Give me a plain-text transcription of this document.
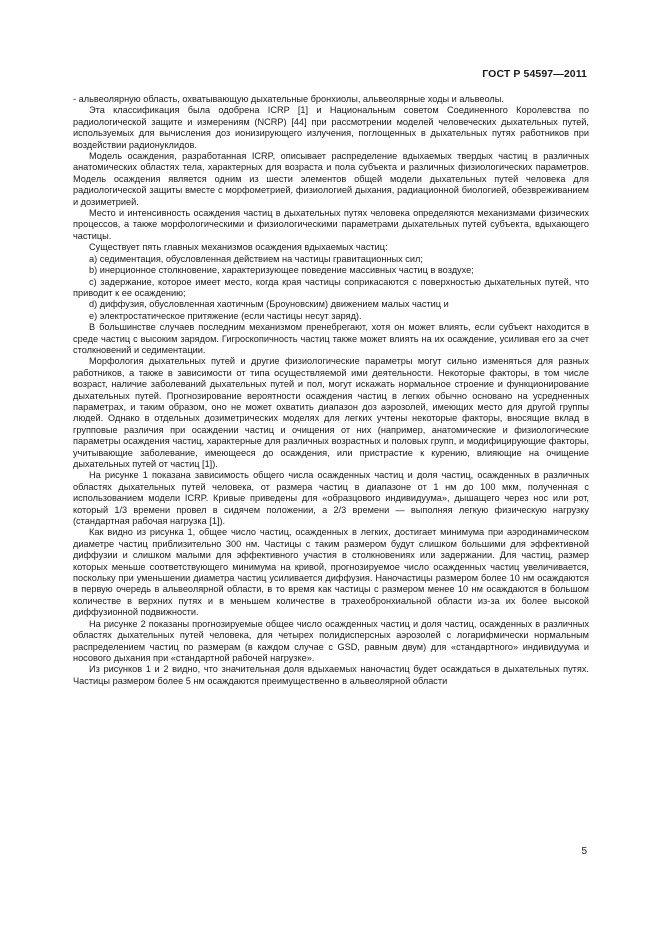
ГОСТ Р 54597—2011

- альвеолярную область, охватывающую дыхательные бронхиолы, альвеолярные ходы и альвеолы.

Эта классификация была одобрена ICRP [1] и Национальным советом Соединенного Королевства по радиологической защите и измерениям (NCRP) [44] при рассмотрении моделей человеческих дыхательных путей, используемых для вычисления доз ионизирующего излучения, поглощенных в дыхательных путях работников при воздействии радионуклидов.

Модель осаждения, разработанная ICRP, описывает распределение вдыхаемых твердых частиц в различных анатомических областях тела, характерных для возраста и пола субъекта и различных физиологических параметров. Модель осаждения является одним из шести элементов общей модели дыхательных путей человека для радиологической защиты вместе с морфометрией, физиологией дыхания, радиационной биологией, обезвреживанием и дозиметрией.

Место и интенсивность осаждения частиц в дыхательных путях человека определяются механизмами физических процессов, а также морфологическими и физиологическими параметрами дыхательных путей субъекта, вдыхающего частицы.

Существует пять главных механизмов осаждения вдыхаемых частиц:

a) седиментация, обусловленная действием на частицы гравитационных сил;

b) инерционное столкновение, характеризующее поведение массивных частиц в воздухе;

c) задержание, которое имеет место, когда края частицы соприкасаются с поверхностью дыхательных путей, что приводит к ее осаждению;

d) диффузия, обусловленная хаотичным (Броуновским) движением малых частиц и

e) электростатическое притяжение (если частицы несут заряд).

В большинстве случаев последним механизмом пренебрегают, хотя он может влиять, если субъект находится в среде частиц с высоким зарядом. Гигроскопичность частиц также может влиять на их осаждение, усиливая его за счет столкновений и седиментации.

Морфология дыхательных путей и другие физиологические параметры могут сильно изменяться для разных работников, а также в зависимости от типа осуществляемой ими деятельности. Некоторые факторы, в том числе возраст, наличие заболеваний дыхательных путей и пол, могут искажать нормальное строение и функционирование дыхательных путей. Прогнозирование вероятности осаждения частиц в легких обычно основано на усредненных параметрах, и таким образом, оно не может охватить диапазон доз аэрозолей, имеющих место для другой группы людей. Однако в отдельных дозиметрических моделях для легких учтены некоторые факторы, вносящие вклад в групповые различия при осаждении частиц и очищения от них (например, анатомические и физиологические параметры осаждения частиц, характерные для различных возрастных и половых групп, и модифицирующие факторы, учитывающие заболевание, имеющееся до осаждения, или пристрастие к курению, влияющие на очищение дыхательных путей от частиц [1]).

На рисунке 1 показана зависимость общего числа осажденных частиц и доля частиц, осажденных в различных областях дыхательных путей человека, от размера частиц в диапазоне от 1 нм до 100 мкм, полученная с использованием модели ICRP. Кривые приведены для «образцового индивидуума», дышащего через нос или рот, который 1/3 времени провел в сидячем положении, а 2/3 времени — выполняя легкую физическую нагрузку (стандартная рабочая нагрузка [1]).

Как видно из рисунка 1, общее число частиц, осажденных в легких, достигает минимума при аэродинамическом диаметре частиц приблизительно 300 нм. Частицы с таким размером будут слишком большими для эффективной диффузии и слишком малыми для эффективного участия в столкновениях или задержании. Для частиц, размер которых меньше соответствующего минимума на кривой, прогнозируемое число осажденных частиц увеличивается, поскольку при уменьшении диаметра частиц усиливается диффузия. Наночастицы размером более 10 нм осаждаются в первую очередь в альвеолярной области, в то время как частицы с размером менее 10 нм осаждаются в большом количестве в верхних путях и в меньшем количестве в трахеобронхиальной области из-за их более высокой диффузионной подвижности.

На рисунке 2 показаны прогнозируемые общее число осажденных частиц и доля частиц, осажденных в различных областях дыхательных путей человека, для четырех полидисперсных аэрозолей с логарифмически нормальным распределением частиц по размерам (в каждом случае с GSD, равным двум) для «стандартного» индивидуума и носового дыхания при «стандартной рабочей нагрузке».

Из рисунков 1 и 2 видно, что значительная доля вдыхаемых наночастиц будет осаждаться в дыхательных путях. Частицы размером более 5 нм осаждаются преимущественно в альвеолярной области

5
